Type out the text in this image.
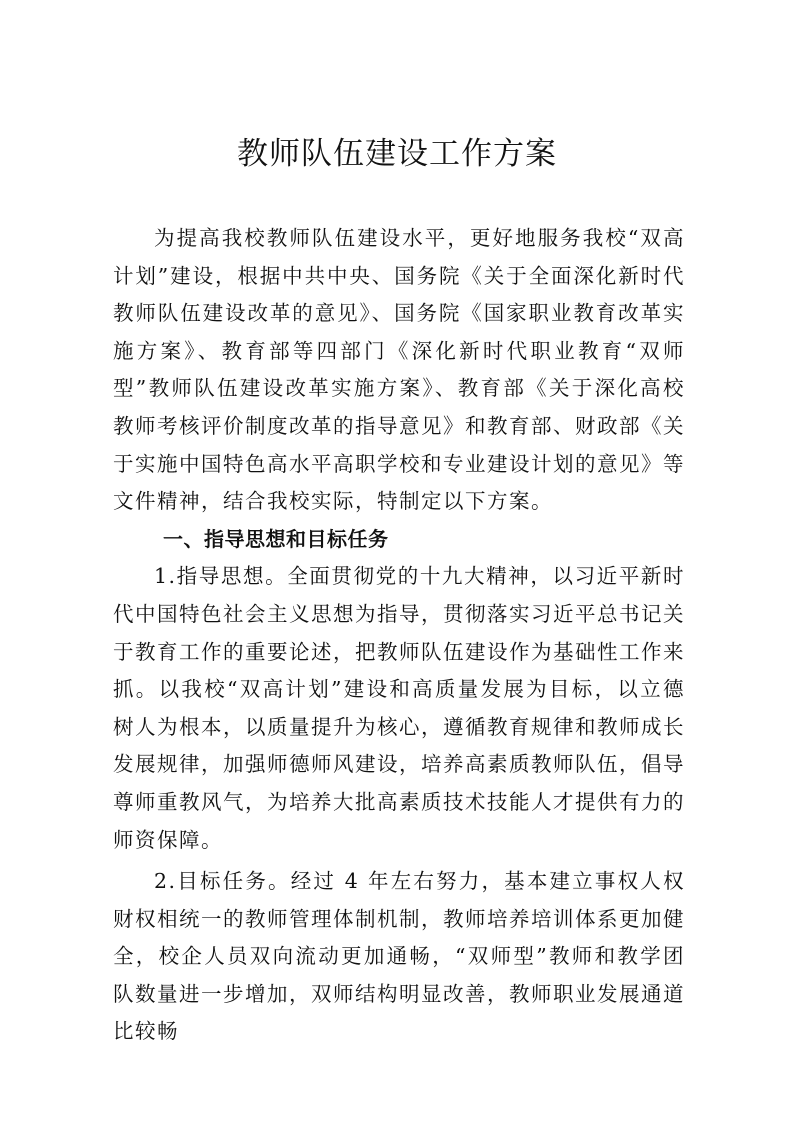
教师队伍建设工作方案

为提高我校教师队伍建设水平，更好地服务我校“双高计划”建设，根据中共中央、国务院《关于全面深化新时代教师队伍建设改革的意见》、国务院《国家职业教育改革实施方案》、教育部等四部门《深化新时代职业教育“双师型”教师队伍建设改革实施方案》、教育部《关于深化高校教师考核评价制度改革的指导意见》和教育部、财政部《关于实施中国特色高水平高职学校和专业建设计划的意见》等文件精神，结合我校实际，特制定以下方案。

一、指导思想和目标任务

1.指导思想。全面贯彻党的十九大精神，以习近平新时代中国特色社会主义思想为指导，贯彻落实习近平总书记关于教育工作的重要论述，把教师队伍建设作为基础性工作来抓。以我校“双高计划”建设和高质量发展为目标，以立德树人为根本，以质量提升为核心，遵循教育规律和教师成长发展规律，加强师德师风建设，培养高素质教师队伍，倡导尊师重教风气，为培养大批高素质技术技能人才提供有力的师资保障。

2.目标任务。经过 4 年左右努力，基本建立事权人权财权相统一的教师管理体制机制，教师培养培训体系更加健全，校企人员双向流动更加通畅，“双师型”教师和教学团队数量进一步增加，双师结构明显改善，教师职业发展通道比较畅
